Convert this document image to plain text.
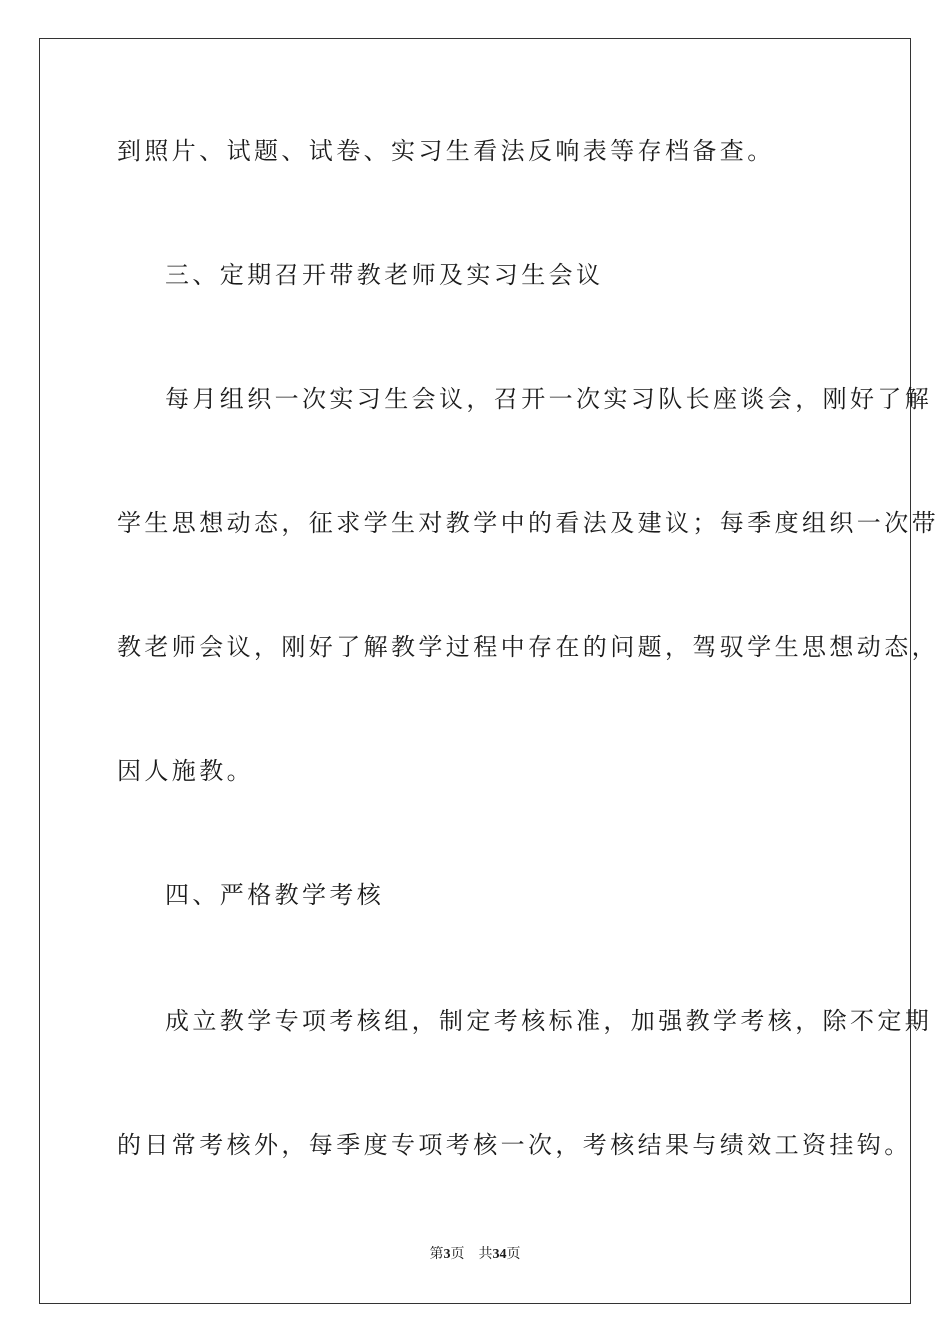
到照片、试题、试卷、实习生看法反响表等存档备查。
三、定期召开带教老师及实习生会议
每月组织一次实习生会议，召开一次实习队长座谈会，刚好了解
学生思想动态，征求学生对教学中的看法及建议；每季度组织一次带
教老师会议，刚好了解教学过程中存在的问题，驾驭学生思想动态，
因人施教。
四、严格教学考核
成立教学专项考核组，制定考核标准，加强教学考核，除不定期
的日常考核外，每季度专项考核一次，考核结果与绩效工资挂钩。
第3页 共34页
